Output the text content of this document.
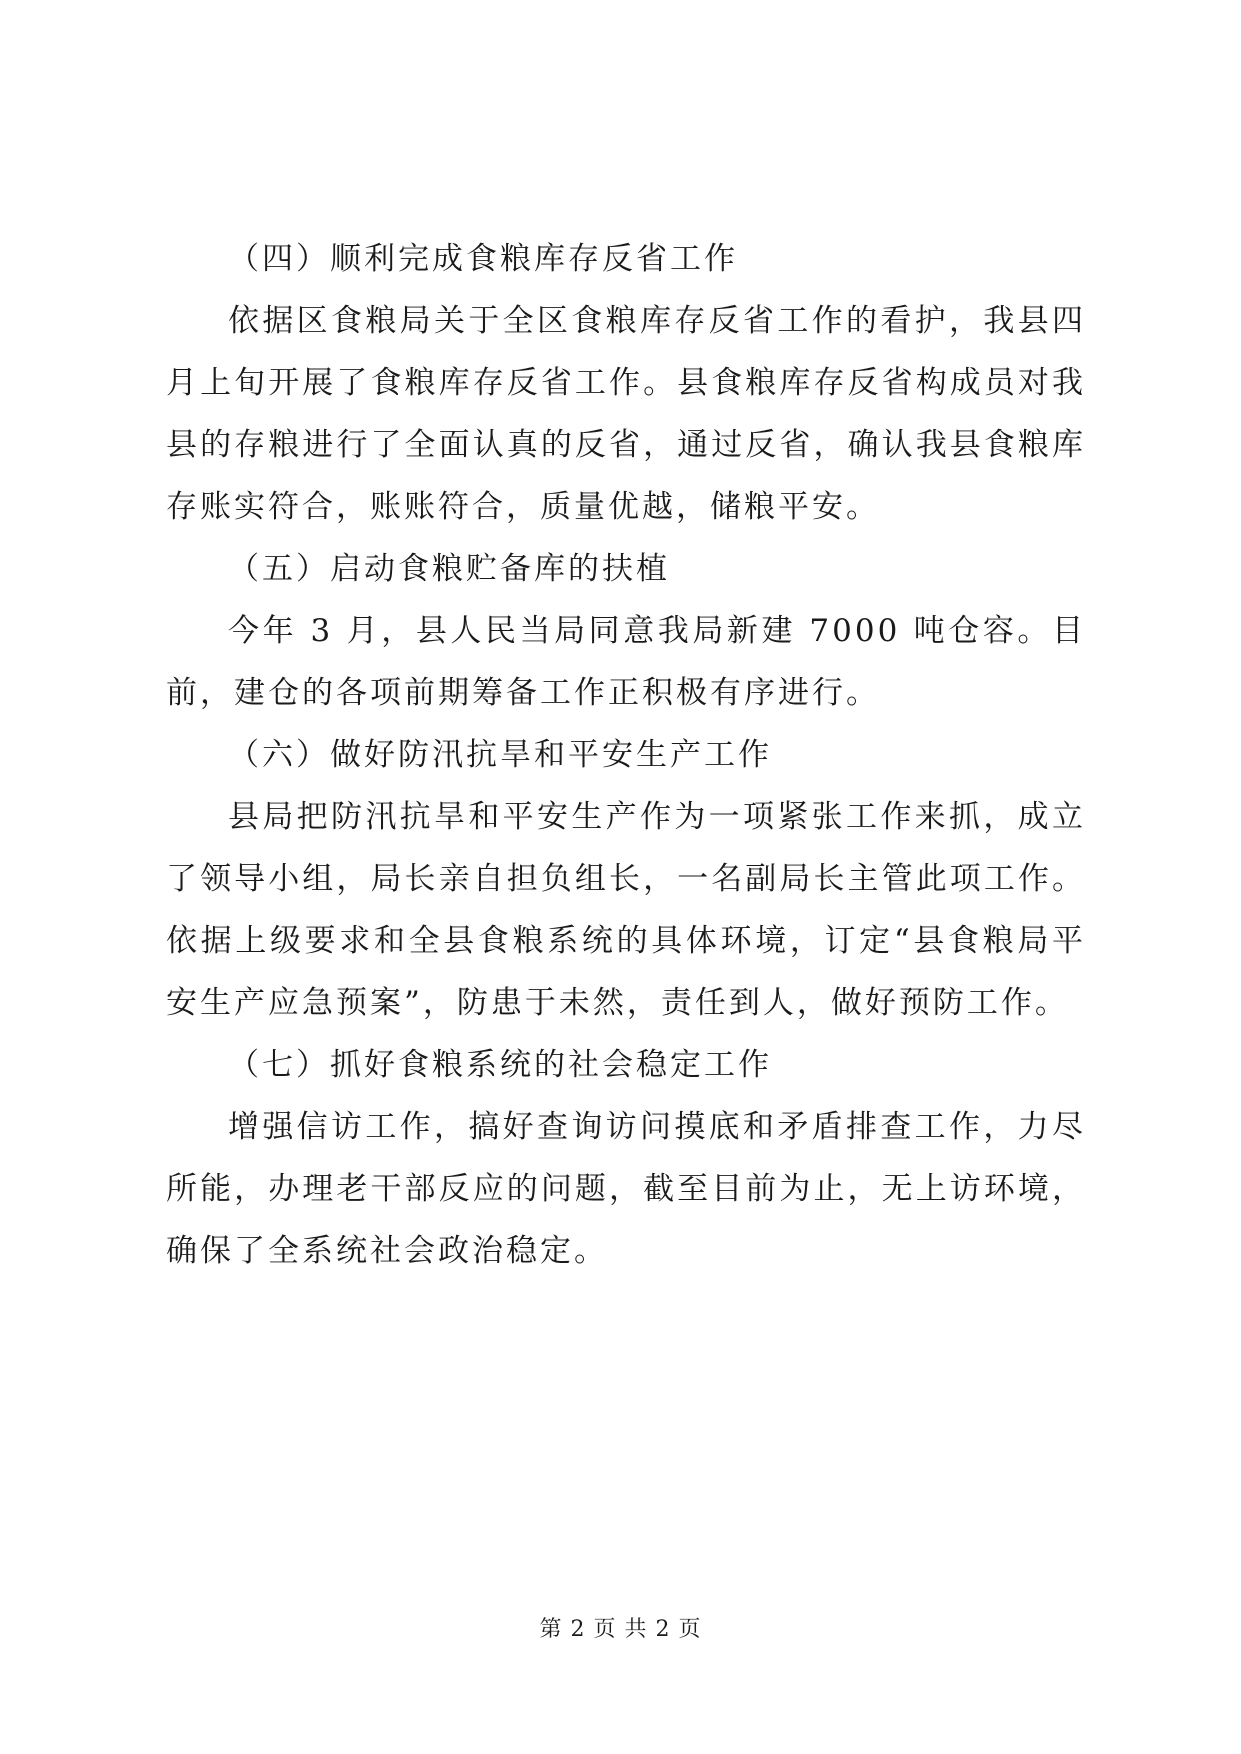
（四）顺利完成食粮库存反省工作

依据区食粮局关于全区食粮库存反省工作的看护，我县四月上旬开展了食粮库存反省工作。县食粮库存反省构成员对我县的存粮进行了全面认真的反省，通过反省，确认我县食粮库存账实符合，账账符合，质量优越，储粮平安。

（五）启动食粮贮备库的扶植

今年 3 月，县人民当局同意我局新建 7000 吨仓容。目前，建仓的各项前期筹备工作正积极有序进行。

（六）做好防汛抗旱和平安生产工作

县局把防汛抗旱和平安生产作为一项紧张工作来抓，成立了领导小组，局长亲自担负组长，一名副局长主管此项工作。依据上级要求和全县食粮系统的具体环境，订定“县食粮局平安生产应急预案”，防患于未然，责任到人，做好预防工作。

（七）抓好食粮系统的社会稳定工作

增强信访工作，搞好查询访问摸底和矛盾排查工作，力尽所能，办理老干部反应的问题，截至目前为止，无上访环境，确保了全系统社会政治稳定。

第 2 页 共 2 页
